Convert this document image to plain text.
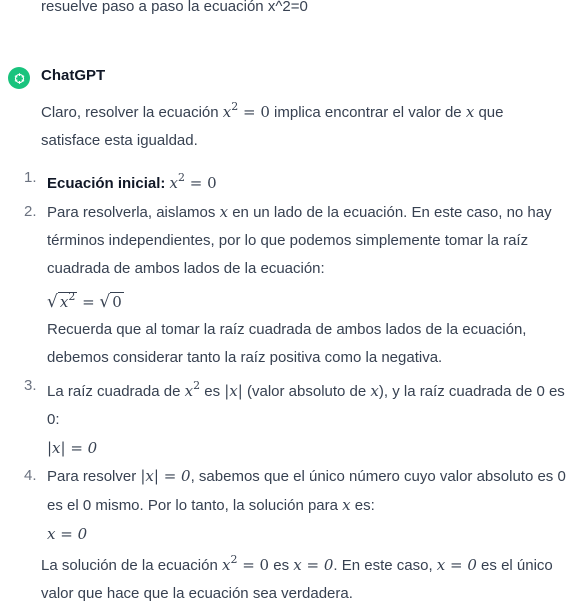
resuelve paso a paso la ecuación x^2=0
ChatGPT

Claro, resolver la ecuación $x^2 = 0$ implica encontrar el valor de x que satisface esta igualdad.

1. Ecuación inicial: $x^2 = 0$
2. Para resolverla, aislamos x en un lado de la ecuación. En este caso, no hay términos independientes, por lo que podemos simplemente tomar la raíz cuadrada de ambos lados de la ecuación:
√ $x^2$ = √ 0
Recuerda que al tomar la raíz cuadrada de ambos lados de la ecuación, debemos considerar tanto la raíz positiva como la negativa.
3. La raíz cuadrada de $x^2$ es |x| (valor absoluto de x), y la raíz cuadrada de 0 es 0:
|x| = 0
4. Para resolver |x| = 0, sabemos que el único número cuyo valor absoluto es 0 es el 0 mismo. Por lo tanto, la solución para x es:
x = 0
La solución de la ecuación $x^2 = 0$ es x = 0. En este caso, x = 0 es el único valor que hace que la ecuación sea verdadera.
